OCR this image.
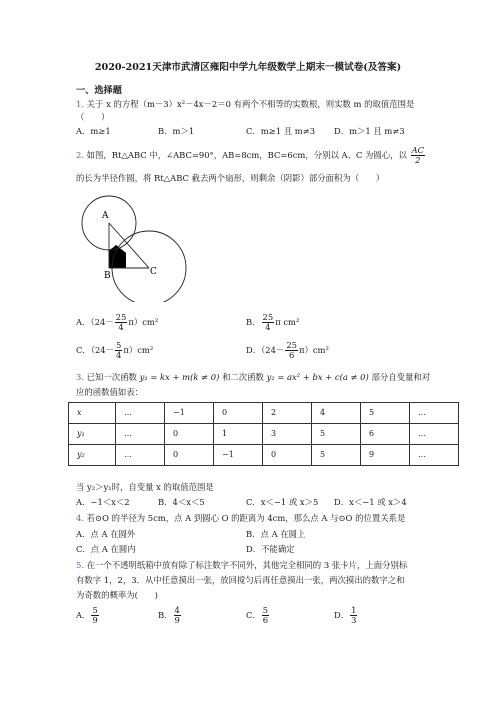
2020-2021天津市武清区雍阳中学九年级数学上期末一模试卷(及答案)
一、选择题
1. 关于 x 的方程（m－3）x²－4x－2＝0 有两个不相等的实数根，则实数 m 的取值范围是
（　　）
A．m≥1	B．m＞1	C．m≥1 且 m≠3 D．m＞1 且 m≠3
2. 如图，Rt△ABC 中，∠ABC=90°，AB=8cm，BC=6cm，分别以 A、C 为圆心，以 $\frac{AC}{2}$
的长为半径作圆，将 Rt△ABC 截去两个扇形，则剩余（阴影）部分面积为（　　）
A
B	C
A．$(24- \frac{25}{4} \pi)cm^2$	B． $\frac{25}{4}$ π cm²
C．$(24- \frac{5}{4} \pi)cm^2$	D．$(24- \frac{25}{6} \pi)cm^2$
3. 已知一次函数 y₁ = kx + m(k ≠ 0) 和二次函数 y₂ = ax² + bx + c(a ≠ 0) 部分自变量和对
应的函数值如表：
x	…	−1	0	2	4	5	…
y₁	…	0	1	3	5	6	…
y₂	…	0	−1	0	5	9	…
当 y₂＞y₁时，自变量 x 的取值范围是
A．−1＜x＜2	B．4＜x＜5	C．x＜−1 或 x＞5 D．x＜−1 或 x＞4
4. 若⊙O 的半径为 5cm，点 A 到圆心 O 的距离为 4cm，那么点 A 与⊙O 的位置关系是
A．点 A 在圆外	B．点 A 在圆上
C．点 A 在圆内	D．不能确定
5. 在一个不透明纸箱中放有除了标注数字不同外，其他完全相同的 3 张卡片，上面分别标
有数字 1，2，3．从中任意摸出一张，放回搅匀后再任意摸出一张，两次摸出的数字之和
为奇数的概率为(　　)
A． $\frac{5}{9}$	B． $\frac{4}{9}$	C． $\frac{5}{6}$	D． $\frac{1}{3}$
